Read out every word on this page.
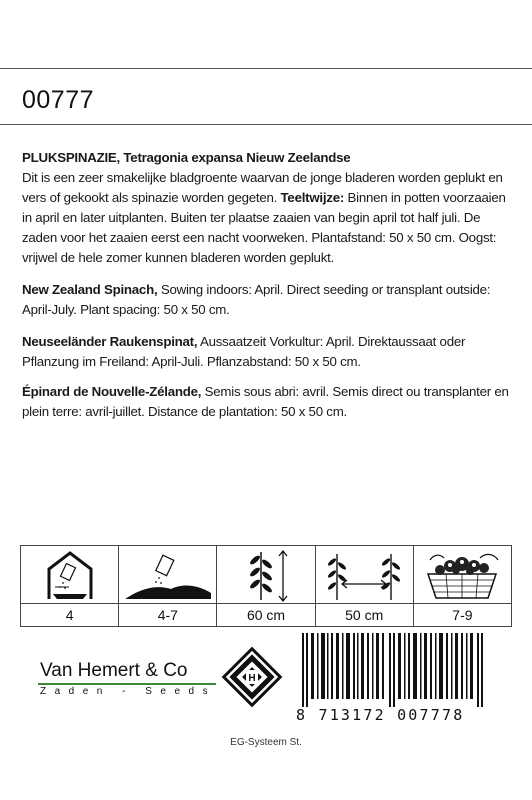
00777
PLUKSPINAZIE, Tetragonia expansa Nieuw Zeelandse
Dit is een zeer smakelijke bladgroente waarvan de jonge bladeren worden geplukt en vers of gekookt als spinazie worden gegeten. Teeltwijze: Binnen in potten voorzaaien in april en later uitplanten. Buiten ter plaatse zaaien van begin april tot half juli. De zaden voor het zaaien eerst een nacht voorweken. Plantafstand: 50 x 50 cm. Oogst: vrijwel de hele zomer kunnen bladeren worden geplukt.
New Zealand Spinach, Sowing indoors: April. Direct seeding or transplant outside: April-July. Plant spacing: 50 x 50 cm.
Neuseeländer Raukenspinat, Aussaatzeit Vorkultur: April. Direktaussaat oder Pflanzung im Freiland: April-Juli. Pflanzabstand: 50 x 50 cm.
Épinard de Nouvelle-Zélande, Semis sous abri: avril. Semis direct ou transplanter en plein terre: avril-juillet. Distance de plantation: 50 x 50 cm.
4	4-7	60 cm	50 cm	7-9
Van Hemert & Co
Zaden - Seeds
H
8 713172 007778
EG-Systeem St.
